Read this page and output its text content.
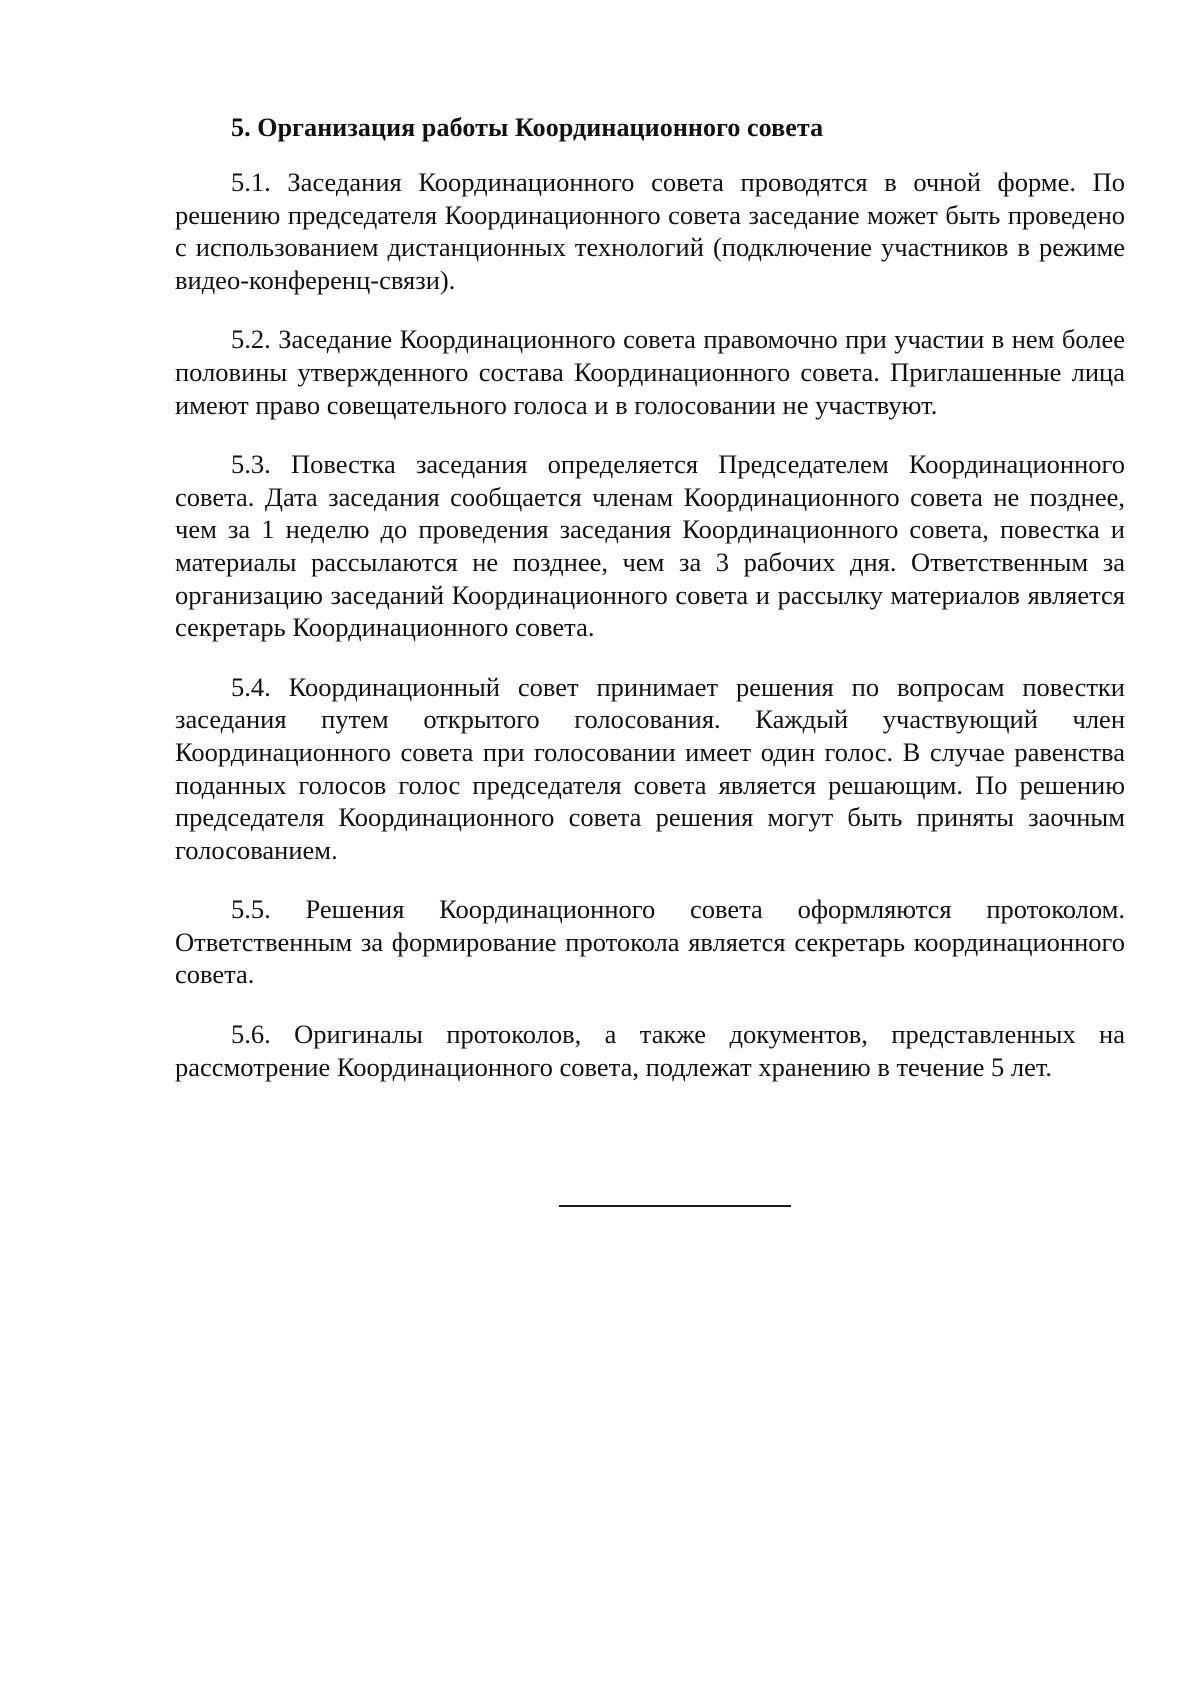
5. Организация работы Координационного совета

5.1. Заседания Координационного совета проводятся в очной форме. По решению председателя Координационного совета заседание может быть проведено с использованием дистанционных технологий (подключение участников в режиме видео-конференц-связи).

5.2. Заседание Координационного совета правомочно при участии в нем более половины утвержденного состава Координационного совета. Приглашенные лица имеют право совещательного голоса и в голосовании не участвуют.

5.3. Повестка заседания определяется Председателем Координационного совета. Дата заседания сообщается членам Координационного совета не позднее, чем за 1 неделю до проведения заседания Координационного совета, повестка и материалы рассылаются не позднее, чем за 3 рабочих дня. Ответственным за организацию заседаний Координационного совета и рассылку материалов является секретарь Координационного совета.

5.4. Координационный совет принимает решения по вопросам повестки заседания путем открытого голосования. Каждый участвующий член Координационного совета при голосовании имеет один голос. В случае равенства поданных голосов голос председателя совета является решающим. По решению председателя Координационного совета решения могут быть приняты заочным голосованием.

5.5. Решения Координационного совета оформляются протоколом. Ответственным за формирование протокола является секретарь координационного совета.

5.6. Оригиналы протоколов, а также документов, представленных на рассмотрение Координационного совета, подлежат хранению в течение 5 лет.
